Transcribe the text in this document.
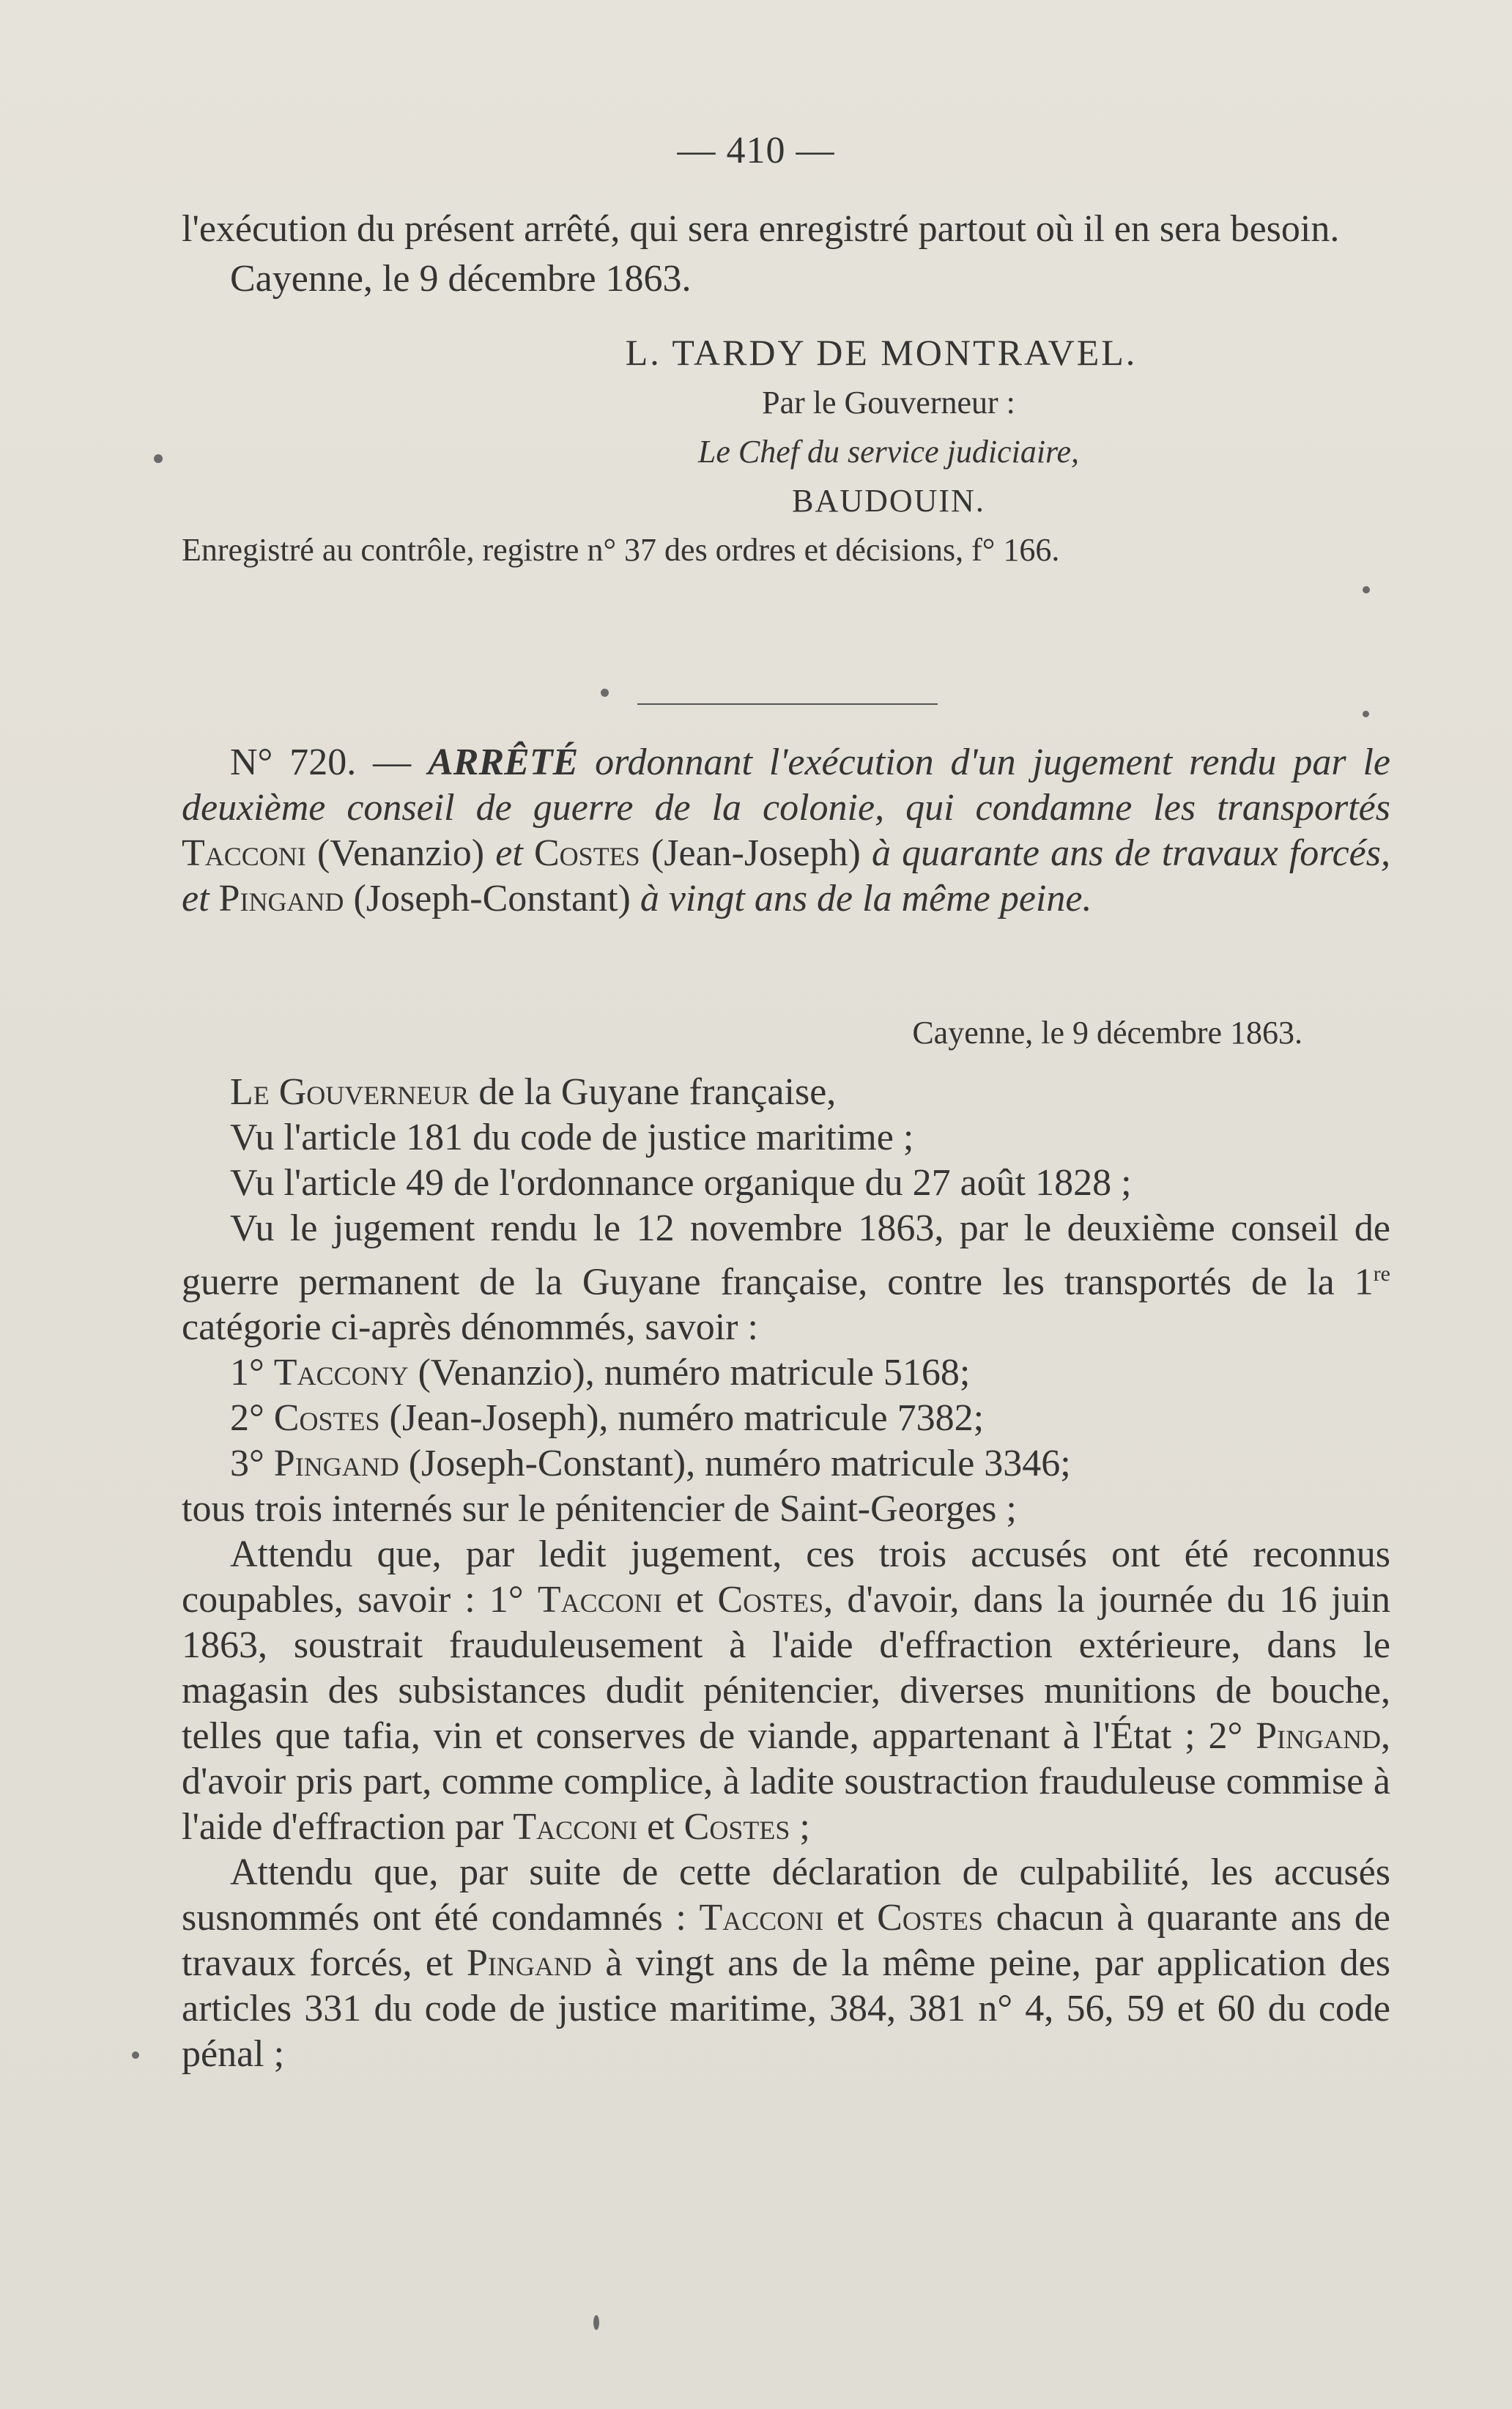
— 410 —
l'exécution du présent arrêté, qui sera enregistré partout où il en sera besoin.
Cayenne, le 9 décembre 1863.
L. TARDY DE MONTRAVEL.
Par le Gouverneur :
Le Chef du service judiciaire,
BAUDOUIN.
Enregistré au contrôle, registre n° 37 des ordres et décisions, f° 166.
N° 720. — ARRÊTÉ ordonnant l'exécution d'un jugement rendu par le deuxième conseil de guerre de la colonie, qui condamne les transportés Tacconi (Venanzio) et Costes (Jean-Joseph) à quarante ans de travaux forcés, et Pingand (Joseph-Constant) à vingt ans de la même peine.
Cayenne, le 9 décembre 1863.
Le Gouverneur de la Guyane française,
Vu l'article 181 du code de justice maritime ;
Vu l'article 49 de l'ordonnance organique du 27 août 1828 ;
Vu le jugement rendu le 12 novembre 1863, par le deuxième conseil de guerre permanent de la Guyane française, contre les transportés de la 1re catégorie ci-après dénommés, savoir :
1° Taccony (Venanzio), numéro matricule 5168;
2° Costes (Jean-Joseph), numéro matricule 7382;
3° Pingand (Joseph-Constant), numéro matricule 3346;
tous trois internés sur le pénitencier de Saint-Georges ;
Attendu que, par ledit jugement, ces trois accusés ont été reconnus coupables, savoir : 1° Tacconi et Costes, d'avoir, dans la journée du 16 juin 1863, soustrait frauduleusement à l'aide d'effraction extérieure, dans le magasin des subsistances dudit pénitencier, diverses munitions de bouche, telles que tafia, vin et conserves de viande, appartenant à l'État ; 2° Pingand, d'avoir pris part, comme complice, à ladite soustraction frauduleuse commise à l'aide d'effraction par Tacconi et Costes ;
Attendu que, par suite de cette déclaration de culpabilité, les accusés susnommés ont été condamnés : Tacconi et Costes chacun à quarante ans de travaux forcés, et Pingand à vingt ans de la même peine, par application des articles 331 du code de justice maritime, 384, 381 n° 4, 56, 59 et 60 du code pénal ;
